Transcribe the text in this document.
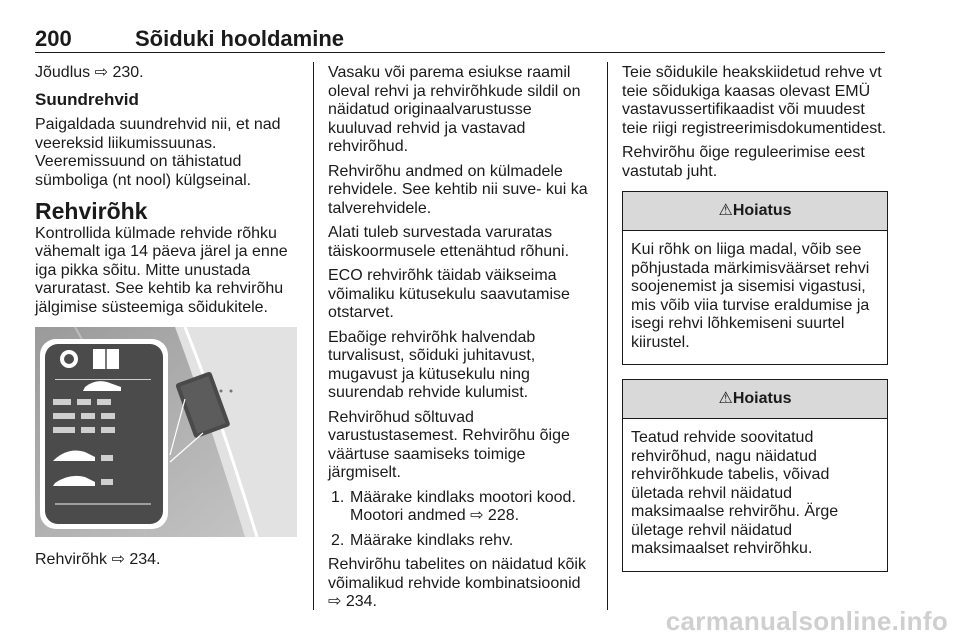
200	Sõiduki hooldamine

Jõudlus ⇨ 230.

Suundrehvid

Paigaldada suundrehvid nii, et nad
veereksid liikumissuunas.
Veeremissuund on tähistatud
sümboliga (nt nool) külgseinal.

Rehvirõhk

Kontrollida külmade rehvide rõhku
vähemalt iga 14 päeva järel ja enne
iga pikka sõitu. Mitte unustada
varuratast. See kehtib ka rehvirõhu
jälgimise süsteemiga sõidukitele.

Rehvirõhk ⇨ 234.

Vasaku või parema esiukse raamil
oleval rehvi ja rehvirõhkude sildil on
näidatud originaalvarustusse
kuuluvad rehvid ja vastavad
rehvirõhud.

Rehvirõhu andmed on külmadele
rehvidele. See kehtib nii suve- kui ka
talverehvidele.

Alati tuleb survestada varuratas
täiskoormusele ettenähtud rõhuni.

ECO rehvirõhk täidab väikseima
võimaliku kütusekulu saavutamise
otstarvet.

Ebaõige rehvirõhk halvendab
turvalisust, sõiduki juhitavust,
mugavust ja kütusekulu ning
suurendab rehvide kulumist.

Rehvirõhud sõltuvad
varustustasemest. Rehvirõhu õige
väärtuse saamiseks toimige
järgmiselt.

1. Määrake kindlaks mootori kood.
Mootori andmed ⇨ 228.
2. Määrake kindlaks rehv.

Rehvirõhu tabelites on näidatud kõik
võimalikud rehvide kombinatsioonid
⇨ 234.

Teie sõidukile heakskiidetud rehve vt
teie sõidukiga kaasas olevast EMÜ
vastavussertifikaadist või muudest
teie riigi registreerimisdokumentidest.

Rehvirõhu õige reguleerimise eest
vastutab juht.

⚠Hoiatus
Kui rõhk on liiga madal, võib see
põhjustada märkimisväärset rehvi
soojenemist ja sisemisi vigastusi,
mis võib viia turvise eraldumise ja
isegi rehvi lõhkemiseni suurtel
kiirustel.
⚠Hoiatus
Teatud rehvide soovitatud
rehvirõhud, nagu näidatud
rehvirõhkude tabelis, võivad
ületada rehvil näidatud
maksimaalse rehvirõhu. Ärge
ületage rehvil näidatud
maksimaalset rehvirõhku.
carmanualsonline.info
